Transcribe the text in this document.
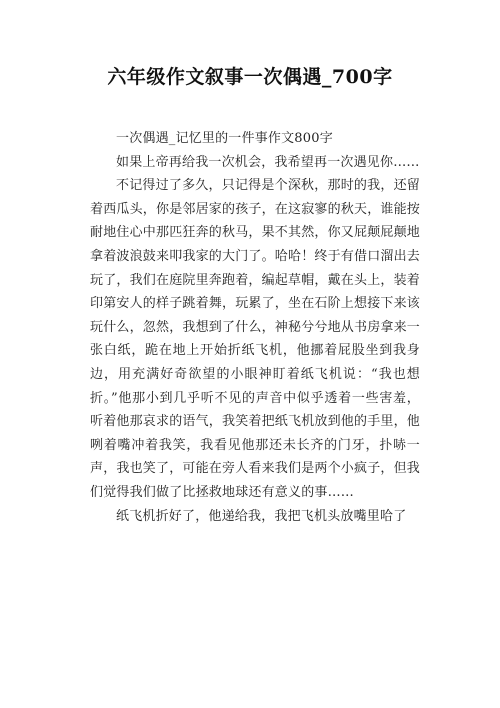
六年级作文叙事一次偶遇_700字

一次偶遇_记忆里的一件事作文800字

如果上帝再给我一次机会，我希望再一次遇见你……

不记得过了多久，只记得是个深秋，那时的我，还留着西瓜头，你是邻居家的孩子，在这寂寥的秋天，谁能按耐地住心中那匹狂奔的秋马，果不其然，你又屁颠屁颠地拿着波浪鼓来叩我家的大门了。哈哈！终于有借口溜出去玩了，我们在庭院里奔跑着，编起草帽，戴在头上，装着印第安人的样子跳着舞，玩累了，坐在石阶上想接下来该玩什么，忽然，我想到了什么，神秘兮兮地从书房拿来一张白纸，跪在地上开始折纸飞机，他挪着屁股坐到我身边，用充满好奇欲望的小眼神盯着纸飞机说：“我也想折。”他那小到几乎听不见的声音中似乎透着一些害羞，听着他那哀求的语气，我笑着把纸飞机放到他的手里，他咧着嘴冲着我笑，我看见他那还未长齐的门牙，扑哧一声，我也笑了，可能在旁人看来我们是两个小疯子，但我们觉得我们做了比拯救地球还有意义的事……

纸飞机折好了，他递给我，我把飞机头放嘴里哈了
